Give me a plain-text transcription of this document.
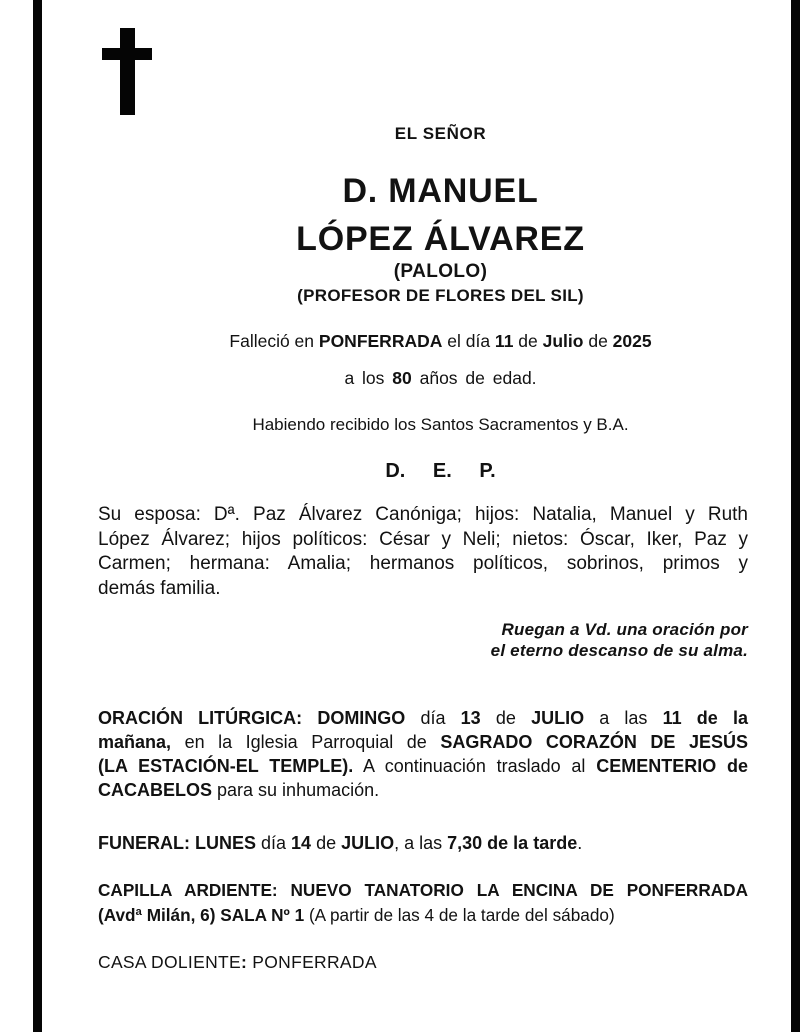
EL SEÑOR
D. MANUEL
LÓPEZ ÁLVAREZ
(PALOLO)
(PROFESOR DE FLORES DEL SIL)
Falleció en PONFERRADA el día 11 de Julio de 2025
a los 80 años de edad.
Habiendo recibido los Santos Sacramentos y B.A.
D. E. P.
Su esposa: Dª. Paz Álvarez Canóniga; hijos: Natalia, Manuel y Ruth
López Álvarez; hijos políticos: César y Neli; nietos: Óscar, Iker, Paz y
Carmen; hermana: Amalia; hermanos políticos, sobrinos, primos y
demás familia.
Ruegan a Vd. una oración por
el eterno descanso de su alma.
ORACIÓN LITÚRGICA: DOMINGO día 13 de JULIO a las 11 de la
mañana, en la Iglesia Parroquial de SAGRADO CORAZÓN DE JESÚS
(LA ESTACIÓN-EL TEMPLE). A continuación traslado al CEMENTERIO de
CACABELOS para su inhumación.
FUNERAL: LUNES día 14 de JULIO, a las 7,30 de la tarde.
CAPILLA ARDIENTE: NUEVO TANATORIO LA ENCINA DE PONFERRADA
(Avdª Milán, 6) SALA Nº 1 (A partir de las 4 de la tarde del sábado)
CASA DOLIENTE: PONFERRADA
